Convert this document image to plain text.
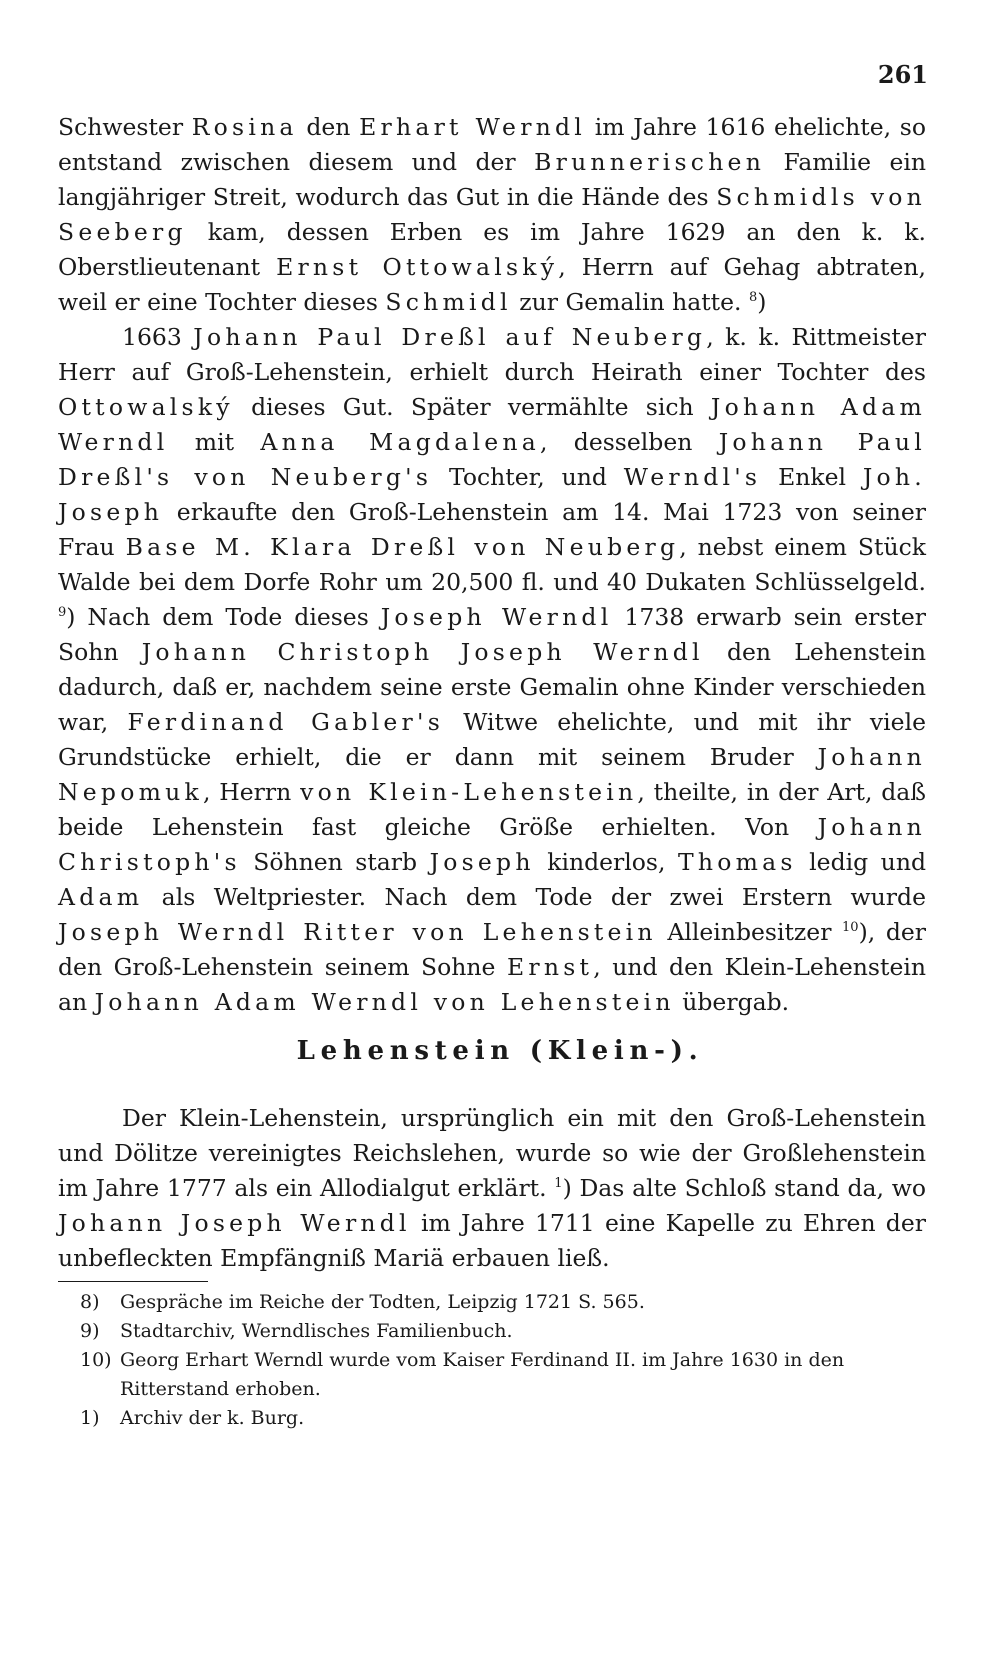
261

Schwester Rosina den Erhart Werndl im Jahre 1616 ehelichte, so entstand zwischen diesem und der Brunnerischen Familie ein langjähriger Streit, wodurch das Gut in die Hände des Schmidls von Seeberg kam, dessen Erben es im Jahre 1629 an den k. k. Oberstlieutenant Ernst Ottowalský, Herrn auf Gehag abtraten, weil er eine Tochter dieses Schmidl zur Gemalin hatte. $^8$)

1663 Johann Paul Dreßl auf Neuberg, k. k. Rittmeister Herr auf Groß-Lehenstein, erhielt durch Heirath einer Tochter des Ottowalský dieses Gut. Später vermählte sich Johann Adam Werndl mit Anna Magdalena, desselben Johann Paul Dreßl's von Neuberg's Tochter, und Werndl's Enkel Joh. Joseph erkaufte den Groß-Lehenstein am 14. Mai 1723 von seiner Frau Base M. Klara Dreßl von Neuberg, nebst einem Stück Walde bei dem Dorfe Rohr um 20,500 fl. und 40 Dukaten Schlüsselgeld. $^9$) Nach dem Tode dieses Joseph Werndl 1738 erwarb sein erster Sohn Johann Christoph Joseph Werndl den Lehenstein dadurch, daß er, nachdem seine erste Gemalin ohne Kinder verschieden war, Ferdinand Gabler's Witwe ehelichte, und mit ihr viele Grundstücke erhielt, die er dann mit seinem Bruder Johann Nepomuk, Herrn von Klein-Lehenstein, theilte, in der Art, daß beide Lehenstein fast gleiche Größe erhielten. Von Johann Christoph's Söhnen starb Joseph kinderlos, Thomas ledig und Adam als Weltpriester. Nach dem Tode der zwei Erstern wurde Joseph Werndl Ritter von Lehenstein Alleinbesitzer $^{10}$), der den Groß-Lehenstein seinem Sohne Ernst, und den Klein-Lehenstein an Johann Adam Werndl von Lehenstein übergab.

Lehenstein (Klein-).

Der Klein-Lehenstein, ursprünglich ein mit den Groß-Lehenstein und Dölitze vereinigtes Reichslehen, wurde so wie der Großlehenstein im Jahre 1777 als ein Allodialgut erklärt. $^1$) Das alte Schloß stand da, wo Johann Joseph Werndl im Jahre 1711 eine Kapelle zu Ehren der unbefleckten Empfängniß Mariä erbauen ließ.

8) Gespräche im Reiche der Todten, Leipzig 1721 S. 565.
9) Stadtarchiv, Werndlisches Familienbuch.
10) Georg Erhart Werndl wurde vom Kaiser Ferdinand II. im Jahre 1630 in den Ritterstand erhoben.
1) Archiv der k. Burg.
